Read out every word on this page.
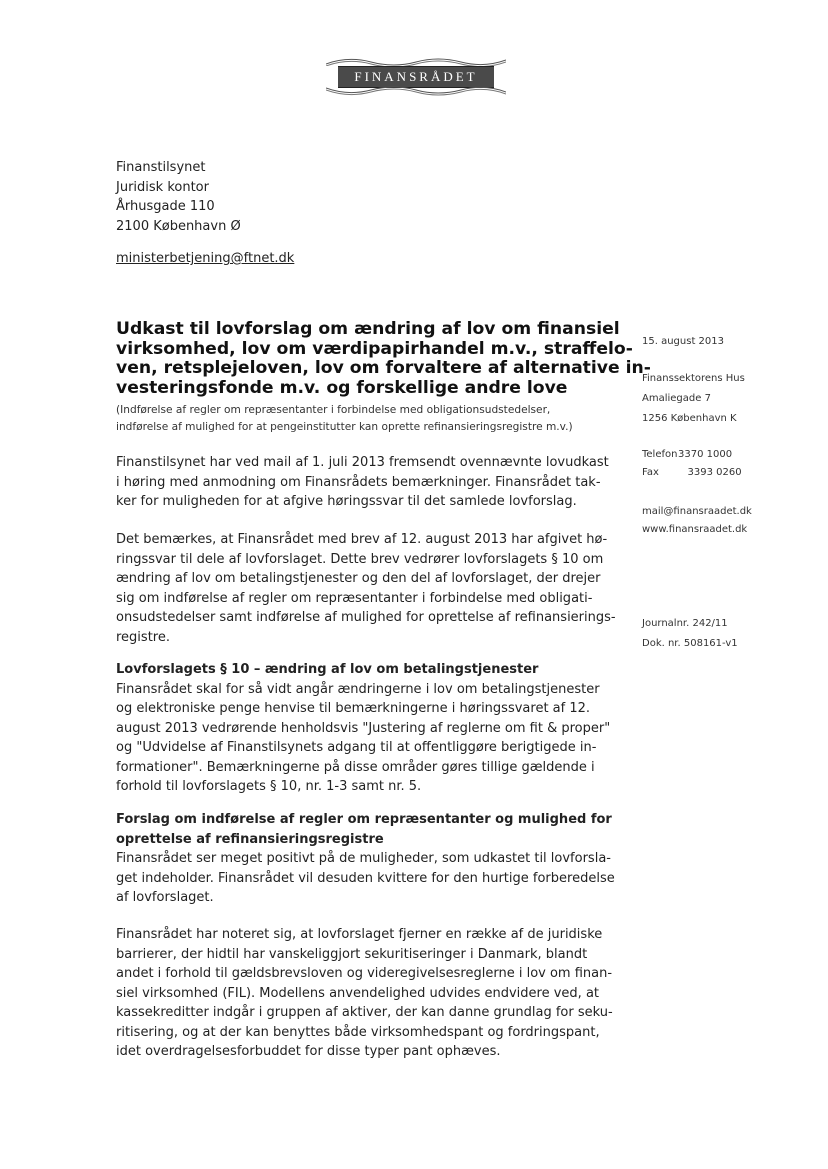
FINANSRÅDET
Finanstilsynet
Juridisk kontor
Århusgade 110
2100 København Ø
ministerbetjening@ftnet.dk
Udkast til lovforslag om ændring af lov om finansiel
virksomhed, lov om værdipapirhandel m.v., straffelo-
ven, retsplejeloven, lov om forvaltere af alternative in-
vesteringsfonde m.v. og forskellige andre love
(Indførelse af regler om repræsentanter i forbindelse med obligationsudstedelser,
indførelse af mulighed for at pengeinstitutter kan oprette refinansieringsregistre m.v.)
15. august 2013
Finanssektorens Hus
Amaliegade 7
1256 København K
Telefon3370 1000
Fax	3393 0260
mail@finansraadet.dk
www.finansraadet.dk
Journalnr. 242/11
Dok. nr. 508161-v1
Finanstilsynet har ved mail af 1. juli 2013 fremsendt ovennævnte lovudkast
i høring med anmodning om Finansrådets bemærkninger. Finansrådet tak-
ker for muligheden for at afgive høringssvar til det samlede lovforslag.
Det bemærkes, at Finansrådet med brev af 12. august 2013 har afgivet hø-
ringssvar til dele af lovforslaget. Dette brev vedrører lovforslagets § 10 om
ændring af lov om betalingstjenester og den del af lovforslaget, der drejer
sig om indførelse af regler om repræsentanter i forbindelse med obligati-
onsudstedelser samt indførelse af mulighed for oprettelse af refinansierings-
registre.
Lovforslagets § 10 – ændring af lov om betalingstjenester
Finansrådet skal for så vidt angår ændringerne i lov om betalingstjenester
og elektroniske penge henvise til bemærkningerne i høringssvaret af 12.
august 2013 vedrørende henholdsvis "Justering af reglerne om fit & proper"
og "Udvidelse af Finanstilsynets adgang til at offentliggøre berigtigede in-
formationer". Bemærkningerne på disse områder gøres tillige gældende i
forhold til lovforslagets § 10, nr. 1-3 samt nr. 5.
Forslag om indførelse af regler om repræsentanter og mulighed for
oprettelse af refinansieringsregistre
Finansrådet ser meget positivt på de muligheder, som udkastet til lovforsla-
get indeholder. Finansrådet vil desuden kvittere for den hurtige forberedelse
af lovforslaget.
Finansrådet har noteret sig, at lovforslaget fjerner en række af de juridiske
barrierer, der hidtil har vanskeliggjort sekuritiseringer i Danmark, blandt
andet i forhold til gældsbrevsloven og videregivelsesreglerne i lov om finan-
siel virksomhed (FIL). Modellens anvendelighed udvides endvidere ved, at
kassekreditter indgår i gruppen af aktiver, der kan danne grundlag for seku-
ritisering, og at der kan benyttes både virksomhedspant og fordringspant,
idet overdragelsesforbuddet for disse typer pant ophæves.
